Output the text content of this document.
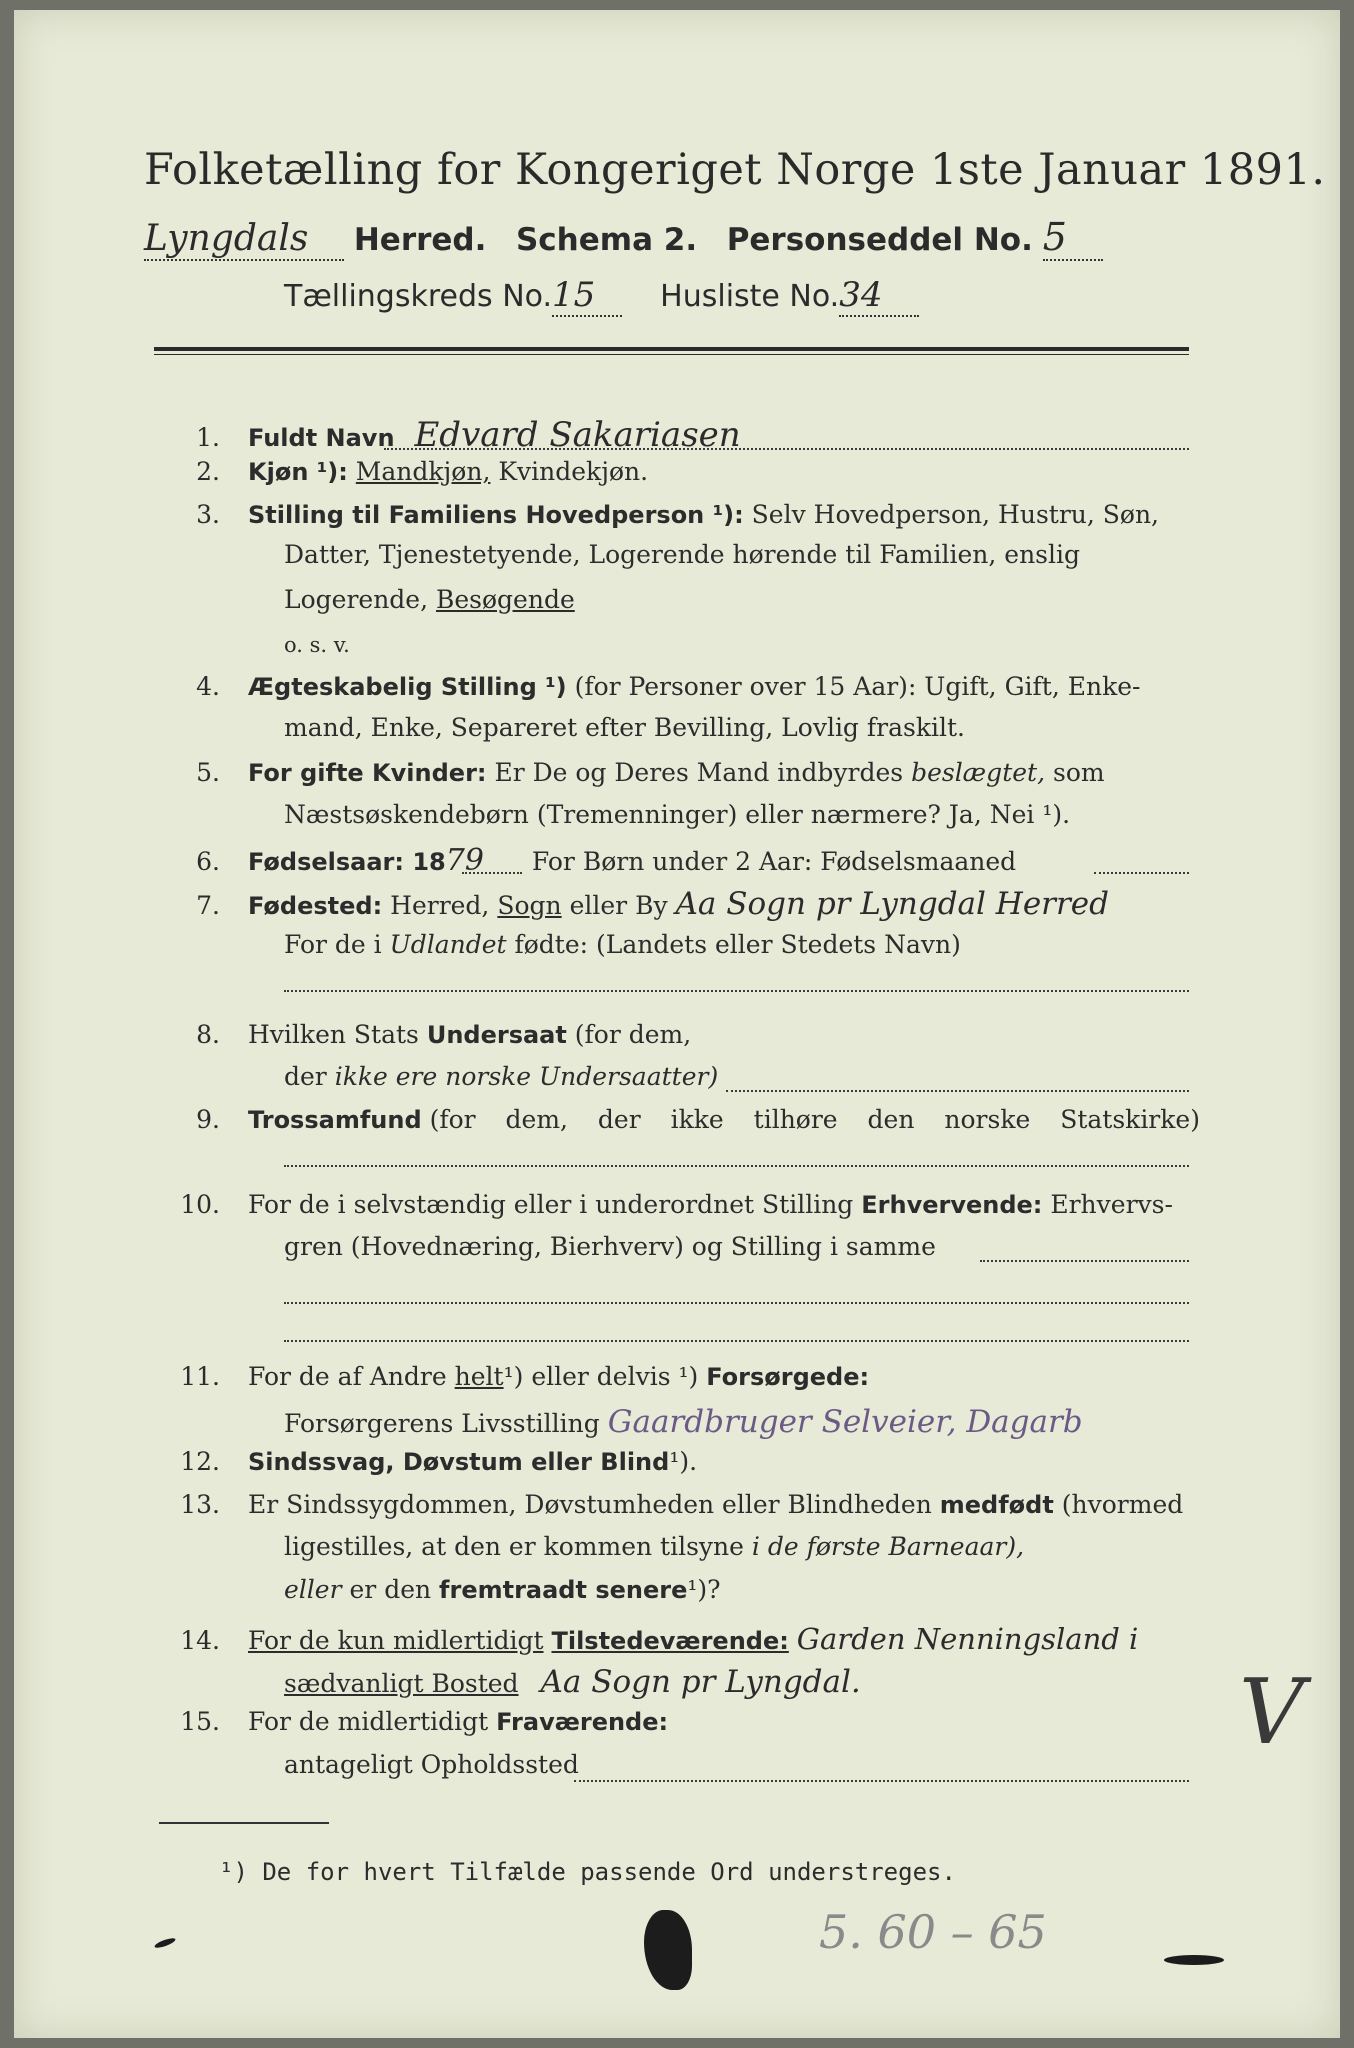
Folketælling for Kongeriget Norge 1ste Januar 1891.
Lyngdals Herred. Schema 2. Personseddel No. 5
Tællingskreds No.15 Husliste No.34
1. Fuldt Navn Edvard Sakariasen
2. Kjøn ¹): Mandkjøn, Kvindekjøn.
3. Stilling til Familiens Hovedperson ¹): Selv Hovedperson, Hustru, Søn,
Datter, Tjenestetyende, Logerende hørende til Familien, enslig
Logerende, Besøgende
o. s. v.
4. Ægteskabelig Stilling ¹) (for Personer over 15 Aar): Ugift, Gift, Enke-
mand, Enke, Separeret efter Bevilling, Lovlig fraskilt.
5. For gifte Kvinder: Er De og Deres Mand indbyrdes beslægtet, som
Næstsøskendebørn (Tremenninger) eller nærmere? Ja, Nei ¹).
6. Fødselsaar: 1879 For Børn under 2 Aar: Fødselsmaaned
7. Fødested: Herred, Sogn eller By Aa Sogn pr Lyngdal Herred
For de i Udlandet fødte: (Landets eller Stedets Navn)
8. Hvilken Stats Undersaat (for dem,
der ikke ere norske Undersaatter)
9. Trossamfund (for dem, der ikke tilhøre den norske Statskirke)
10. For de i selvstændig eller i underordnet Stilling Erhvervende: Erhvervs-
gren (Hovednæring, Bierhverv) og Stilling i samme
11. For de af Andre helt¹) eller delvis ¹) Forsørgede:
Forsørgerens Livsstilling Gaardbruger Selveier, Dagarb
12. Sindssvag, Døvstum eller Blind¹).
13. Er Sindssygdommen, Døvstumheden eller Blindheden medfødt (hvormed
ligestilles, at den er kommen tilsyne i de første Barneaar),
eller er den fremtraadt senere¹)?
14. For de kun midlertidigt Tilstedeværende: Garden Nenningsland i
sædvanligt Bosted Aa Sogn pr Lyngdal.
15. For de midlertidigt Fraværende:
antageligt Opholdssted	V
¹) De for hvert Tilfælde passende Ord understreges.
5. 60 – 65
